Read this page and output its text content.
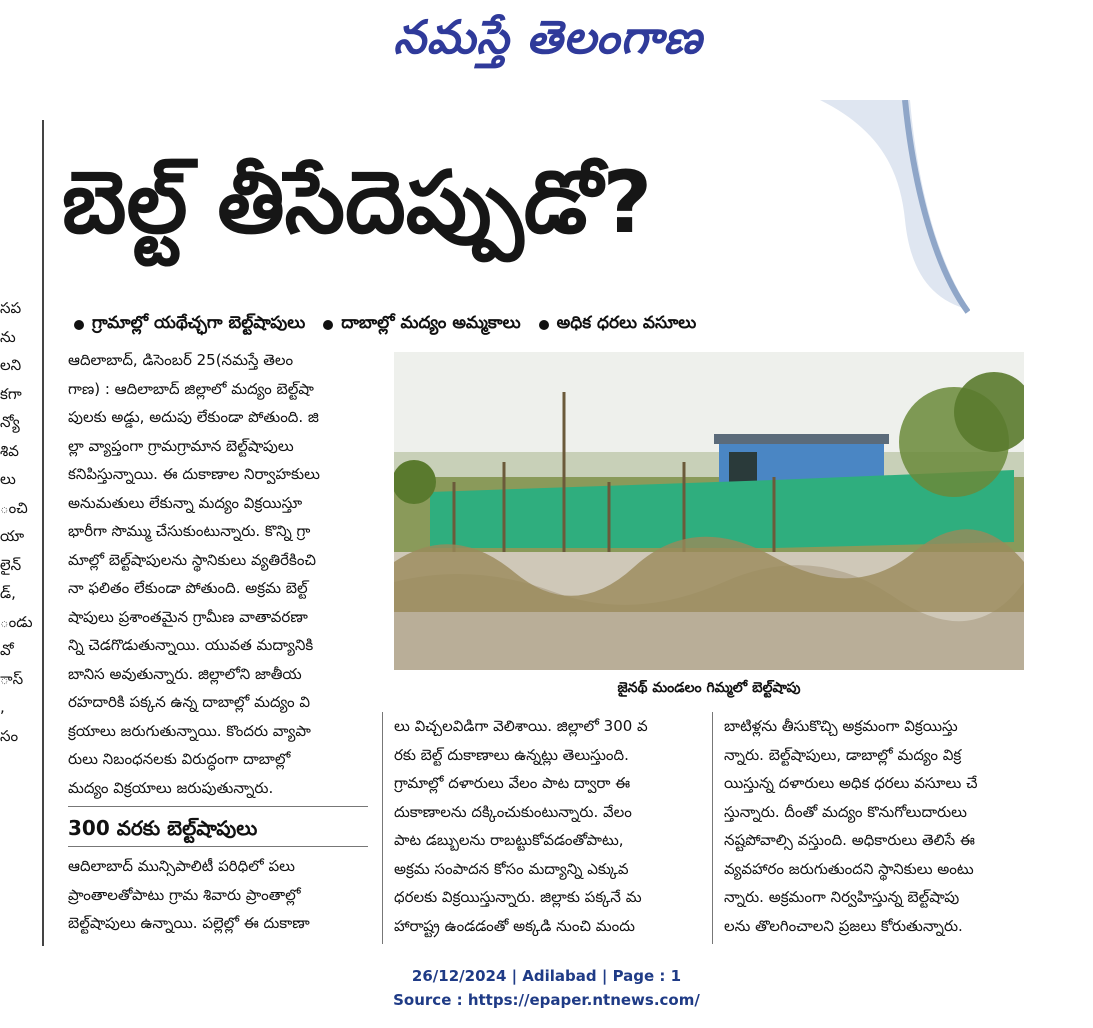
నమస్తే తెలంగాణ
సప
ను
లని
కగా
న్యో
శివ
లు
ంచి
యా
లైన్
డ్,
ండు
వో
ాస్
,
సం
బెల్ట్ తీసేదెప్పుడో?
గ్రామాల్లో యథేచ్ఛగా బెల్ట్‌షాపులు దాబాల్లో మద్యం అమ్మకాలు అధిక ధరలు వసూలు
ఆదిలాబాద్, డిసెంబర్ 25(నమస్తే తెలం
గాణ) : ఆదిలాబాద్ జిల్లాలో మద్యం బెల్ట్‌షా
పులకు అడ్డు, అదుపు లేకుండా పోతుంది. జి
ల్లా వ్యాప్తంగా గ్రామగ్రామాన బెల్ట్‌షాపులు
కనిపిస్తున్నాయి. ఈ దుకాణాల నిర్వాహకులు
అనుమతులు లేకున్నా మద్యం విక్రయిస్తూ
భారీగా సొమ్ము చేసుకుంటున్నారు. కొన్ని గ్రా
మాల్లో బెల్ట్‌షాపులను స్థానికులు వ్యతిరేకించి
నా ఫలితం లేకుండా పోతుంది. అక్రమ బెల్ట్
షాపులు ప్రశాంతమైన గ్రామీణ వాతావరణా
న్ని చెడగొడుతున్నాయి. యువత మద్యానికి
బానిస అవుతున్నారు. జిల్లాలోని జాతీయ
రహదారికి పక్కన ఉన్న దాబాల్లో మద్యం వి
క్రయాలు జరుగుతున్నాయి. కొందరు వ్యాపా
రులు నిబంధనలకు విరుద్ధంగా దాబాల్లో
మద్యం విక్రయాలు జరుపుతున్నారు.
300 వరకు బెల్ట్‌షాపులు
ఆదిలాబాద్ మున్సిపాలిటీ పరిధిలో పలు
ప్రాంతాలతోపాటు గ్రామ శివారు ప్రాంతాల్లో
బెల్ట్‌షాపులు ఉన్నాయి. పల్లెల్లో ఈ దుకాణా
జైనథ్ మండలం గిమ్మలో బెల్ట్‌షాపు
లు విచ్చలవిడిగా వెలిశాయి. జిల్లాలో 300 వ
రకు బెల్ట్ దుకాణాలు ఉన్నట్లు తెలుస్తుంది.
గ్రామాల్లో దళారులు వేలం పాట ద్వారా ఈ
దుకాణాలను దక్కించుకుంటున్నారు. వేలం
పాట డబ్బులను రాబట్టుకోవడంతోపాటు,
అక్రమ సంపాదన కోసం మద్యాన్ని ఎక్కువ
ధరలకు విక్రయిస్తున్నారు. జిల్లాకు పక్కనే మ
హారాష్ట్ర ఉండడంతో అక్కడి నుంచి మందు
బాటిళ్లను తీసుకొచ్చి అక్రమంగా విక్రయిస్తు
న్నారు. బెల్ట్‌షాపులు, డాబాల్లో మద్యం విక్ర
యిస్తున్న దళారులు అధిక ధరలు వసూలు చే
స్తున్నారు. దీంతో మద్యం కొనుగోలుదారులు
నష్టపోవాల్సి వస్తుంది. అధికారులు తెలిసే ఈ
వ్యవహారం జరుగుతుందని స్థానికులు అంటు
న్నారు. అక్రమంగా నిర్వహిస్తున్న బెల్ట్‌షాపు
లను తొలగించాలని ప్రజలు కోరుతున్నారు.
26/12/2024 | Adilabad | Page : 1
Source : https://epaper.ntnews.com/
